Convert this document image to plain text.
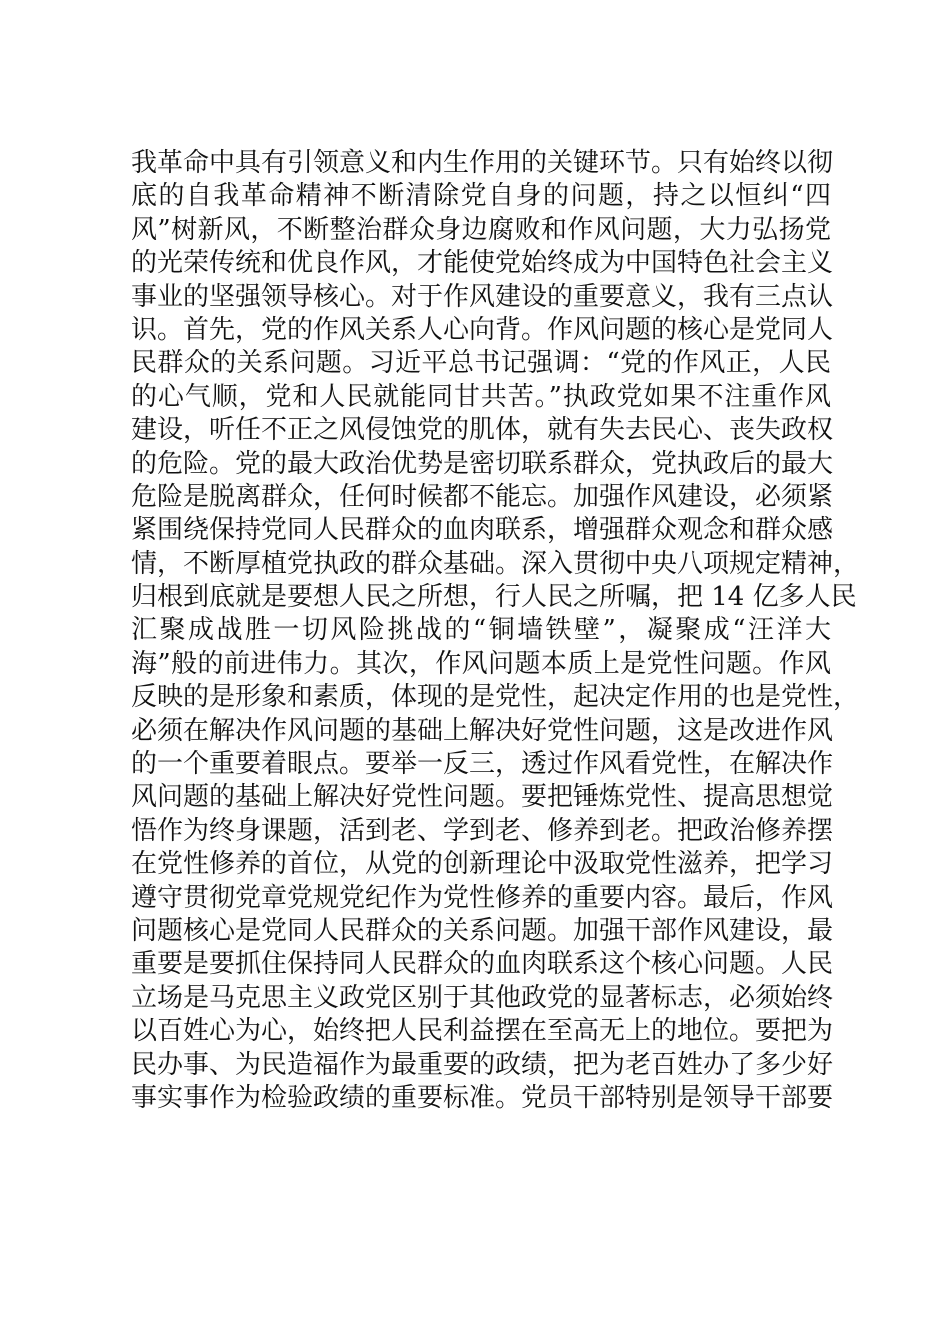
我革命中具有引领意义和内生作用的关键环节。只有始终以彻
底的自我革命精神不断清除党自身的问题，持之以恒纠“四
风”树新风，不断整治群众身边腐败和作风问题，大力弘扬党
的光荣传统和优良作风，才能使党始终成为中国特色社会主义
事业的坚强领导核心。对于作风建设的重要意义，我有三点认
识。首先，党的作风关系人心向背。作风问题的核心是党同人
民群众的关系问题。习近平总书记强调：“党的作风正，人民
的心气顺，党和人民就能同甘共苦。”执政党如果不注重作风
建设，听任不正之风侵蚀党的肌体，就有失去民心、丧失政权
的危险。党的最大政治优势是密切联系群众，党执政后的最大
危险是脱离群众，任何时候都不能忘。加强作风建设，必须紧
紧围绕保持党同人民群众的血肉联系，增强群众观念和群众感
情，不断厚植党执政的群众基础。深入贯彻中央八项规定精神，
归根到底就是要想人民之所想，行人民之所嘱，把 14 亿多人民
汇聚成战胜一切风险挑战的“铜墙铁壁”，凝聚成“汪洋大
海”般的前进伟力。其次，作风问题本质上是党性问题。作风
反映的是形象和素质，体现的是党性，起决定作用的也是党性，
必须在解决作风问题的基础上解决好党性问题，这是改进作风
的一个重要着眼点。要举一反三，透过作风看党性，在解决作
风问题的基础上解决好党性问题。要把锤炼党性、提高思想觉
悟作为终身课题，活到老、学到老、修养到老。把政治修养摆
在党性修养的首位，从党的创新理论中汲取党性滋养，把学习
遵守贯彻党章党规党纪作为党性修养的重要内容。最后，作风
问题核心是党同人民群众的关系问题。加强干部作风建设，最
重要是要抓住保持同人民群众的血肉联系这个核心问题。人民
立场是马克思主义政党区别于其他政党的显著标志，必须始终
以百姓心为心，始终把人民利益摆在至高无上的地位。要把为
民办事、为民造福作为最重要的政绩，把为老百姓办了多少好
事实事作为检验政绩的重要标准。党员干部特别是领导干部要
